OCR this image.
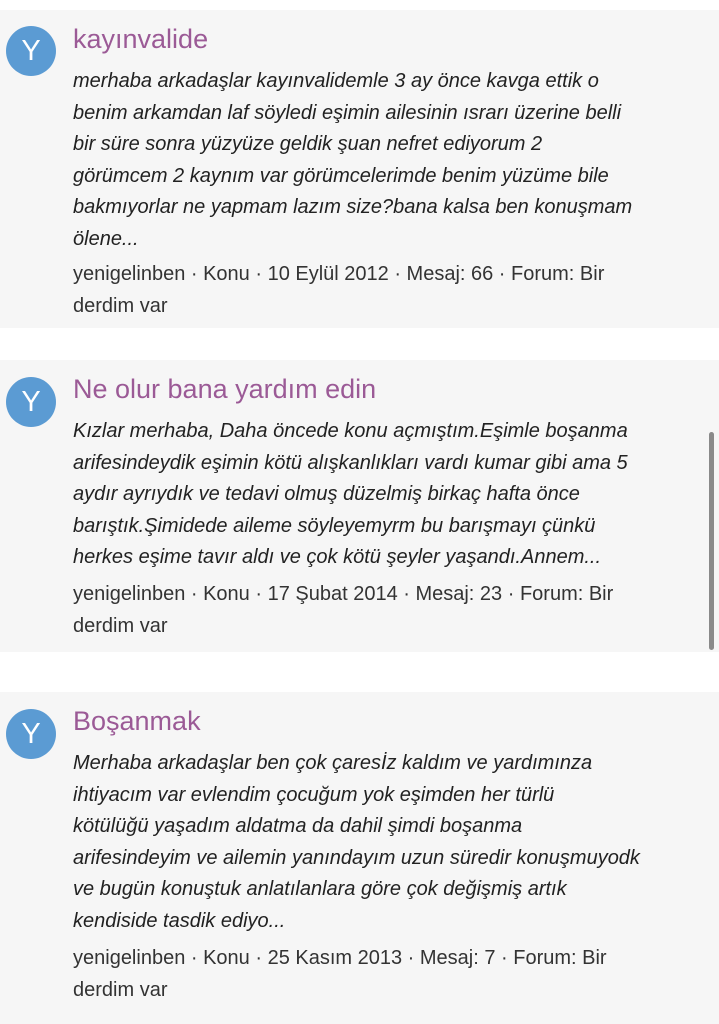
Y	kayınvalide
merhaba arkadaşlar kayınvalidemle 3 ay önce kavga ettik o
benim arkamdan laf söyledi eşimin ailesinin ısrarı üzerine belli
bir süre sonra yüzyüze geldik şuan nefret ediyorum 2
görümcem 2 kaynım var görümcelerimde benim yüzüme bile
bakmıyorlar ne yapmam lazım size?bana kalsa ben konuşmam
ölene...
yenigelinben · Konu · 10 Eylül 2012 · Mesaj: 66 · Forum: Bir
derdim var
Y	Ne olur bana yardım edin
Kızlar merhaba, Daha öncede konu açmıştım.Eşimle boşanma
arifesindeydik eşimin kötü alışkanlıkları vardı kumar gibi ama 5
aydır ayrıydık ve tedavi olmuş düzelmiş birkaç hafta önce
barıştık.Şimidede aileme söyleyemyrm bu barışmayı çünkü
herkes eşime tavır aldı ve çok kötü şeyler yaşandı.Annem...
yenigelinben · Konu · 17 Şubat 2014 · Mesaj: 23 · Forum: Bir
derdim var
Y	Boşanmak
Merhaba arkadaşlar ben çok çaresİz kaldım ve yardımınza
ihtiyacım var evlendim çocuğum yok eşimden her türlü
kötülüğü yaşadım aldatma da dahil şimdi boşanma
arifesindeyim ve ailemin yanındayım uzun süredir konuşmuyodk
ve bugün konuştuk anlatılanlara göre çok değişmiş artık
kendiside tasdik ediyo...
yenigelinben · Konu · 25 Kasım 2013 · Mesaj: 7 · Forum: Bir
derdim var
